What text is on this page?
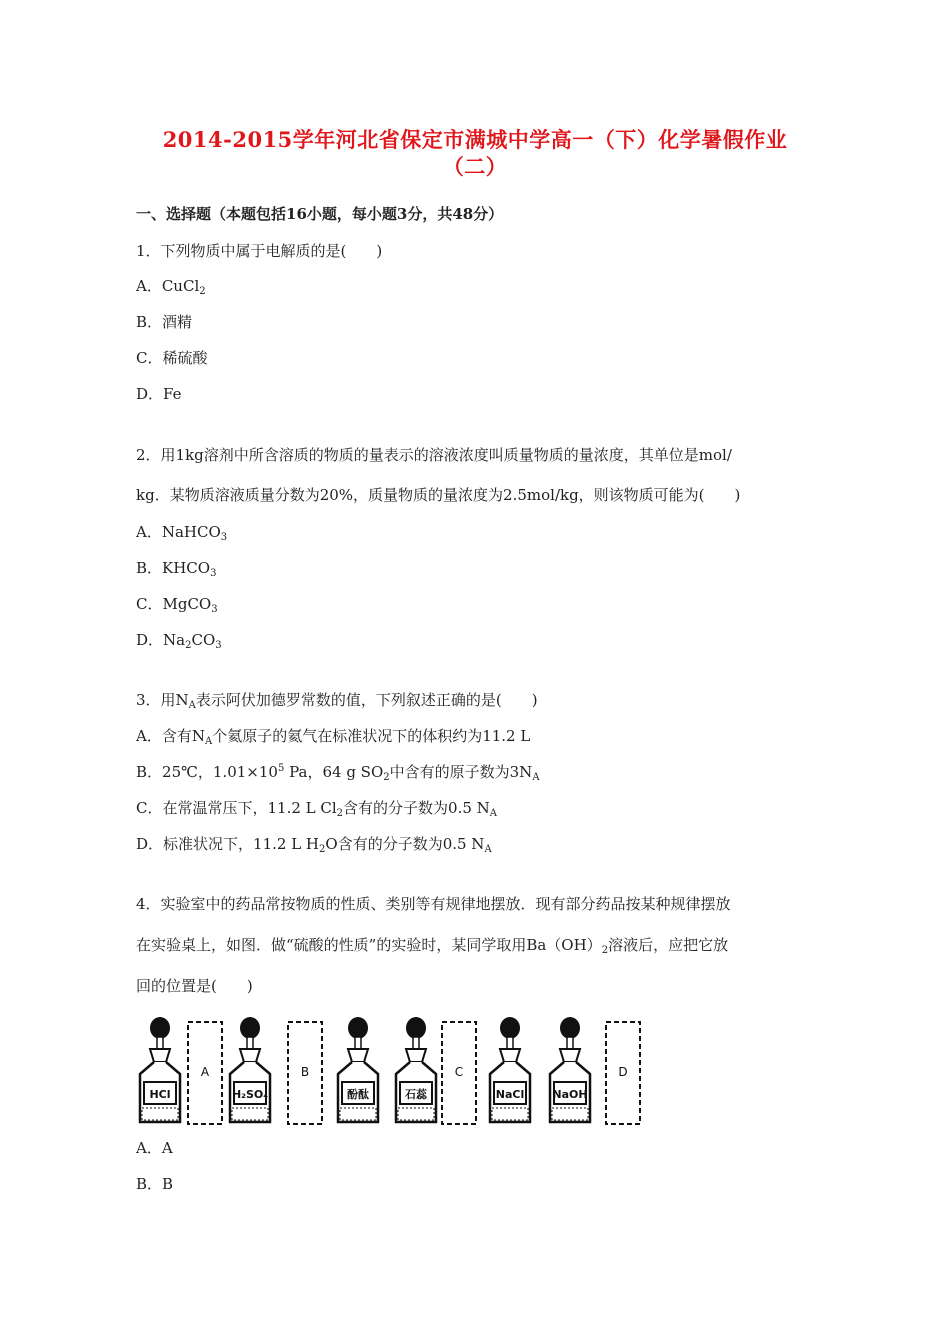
2014-2015学年河北省保定市满城中学高一（下）化学暑假作业
（二）
一、选择题（本题包括16小题，每小题3分，共48分）
1．下列物质中属于电解质的是(　　)
A．CuCl$_2$
B．酒精
C．稀硫酸
D．Fe
2．用1kg溶剂中所含溶质的物质的量表示的溶液浓度叫质量物质的量浓度，其单位是mol/
kg．某物质溶液质量分数为20%，质量物质的量浓度为2.5mol/kg，则该物质可能为(　　)
A．NaHCO$_3$
B．$KHCO_3$
C．MgCO$_3$
D．$Na_2CO_3$
3．用$N_A$表示阿伏加德罗常数的值，下列叙述正确的是(　　)
A．含有$N_A$个氦原子的氦气在标准状况下的体积约为11.2 L
B．25℃，$1.01\times 10^5$ Pa，64 g $SO_2$中含有的原子数为$3N_A$
C．在常温常压下，11.2 L $Cl_2$含有的分子数为0.5 $N_A$
D．标准状况下，11.2 L $H_2O$含有的分子数为0.5 $N_A$
4．实验室中的药品常按物质的性质、类别等有规律地摆放．现有部分药品按某种规律摆放
在实验桌上，如图．做“硫酸的性质”的实验时，某同学取用$Ba(OH)_2$溶液后，应把它放
回的位置是(　　)
HCl
A
H₂SO₄
B
酚酞	石蕊
C
NaCl	NaOH
D
A．A
B．B
